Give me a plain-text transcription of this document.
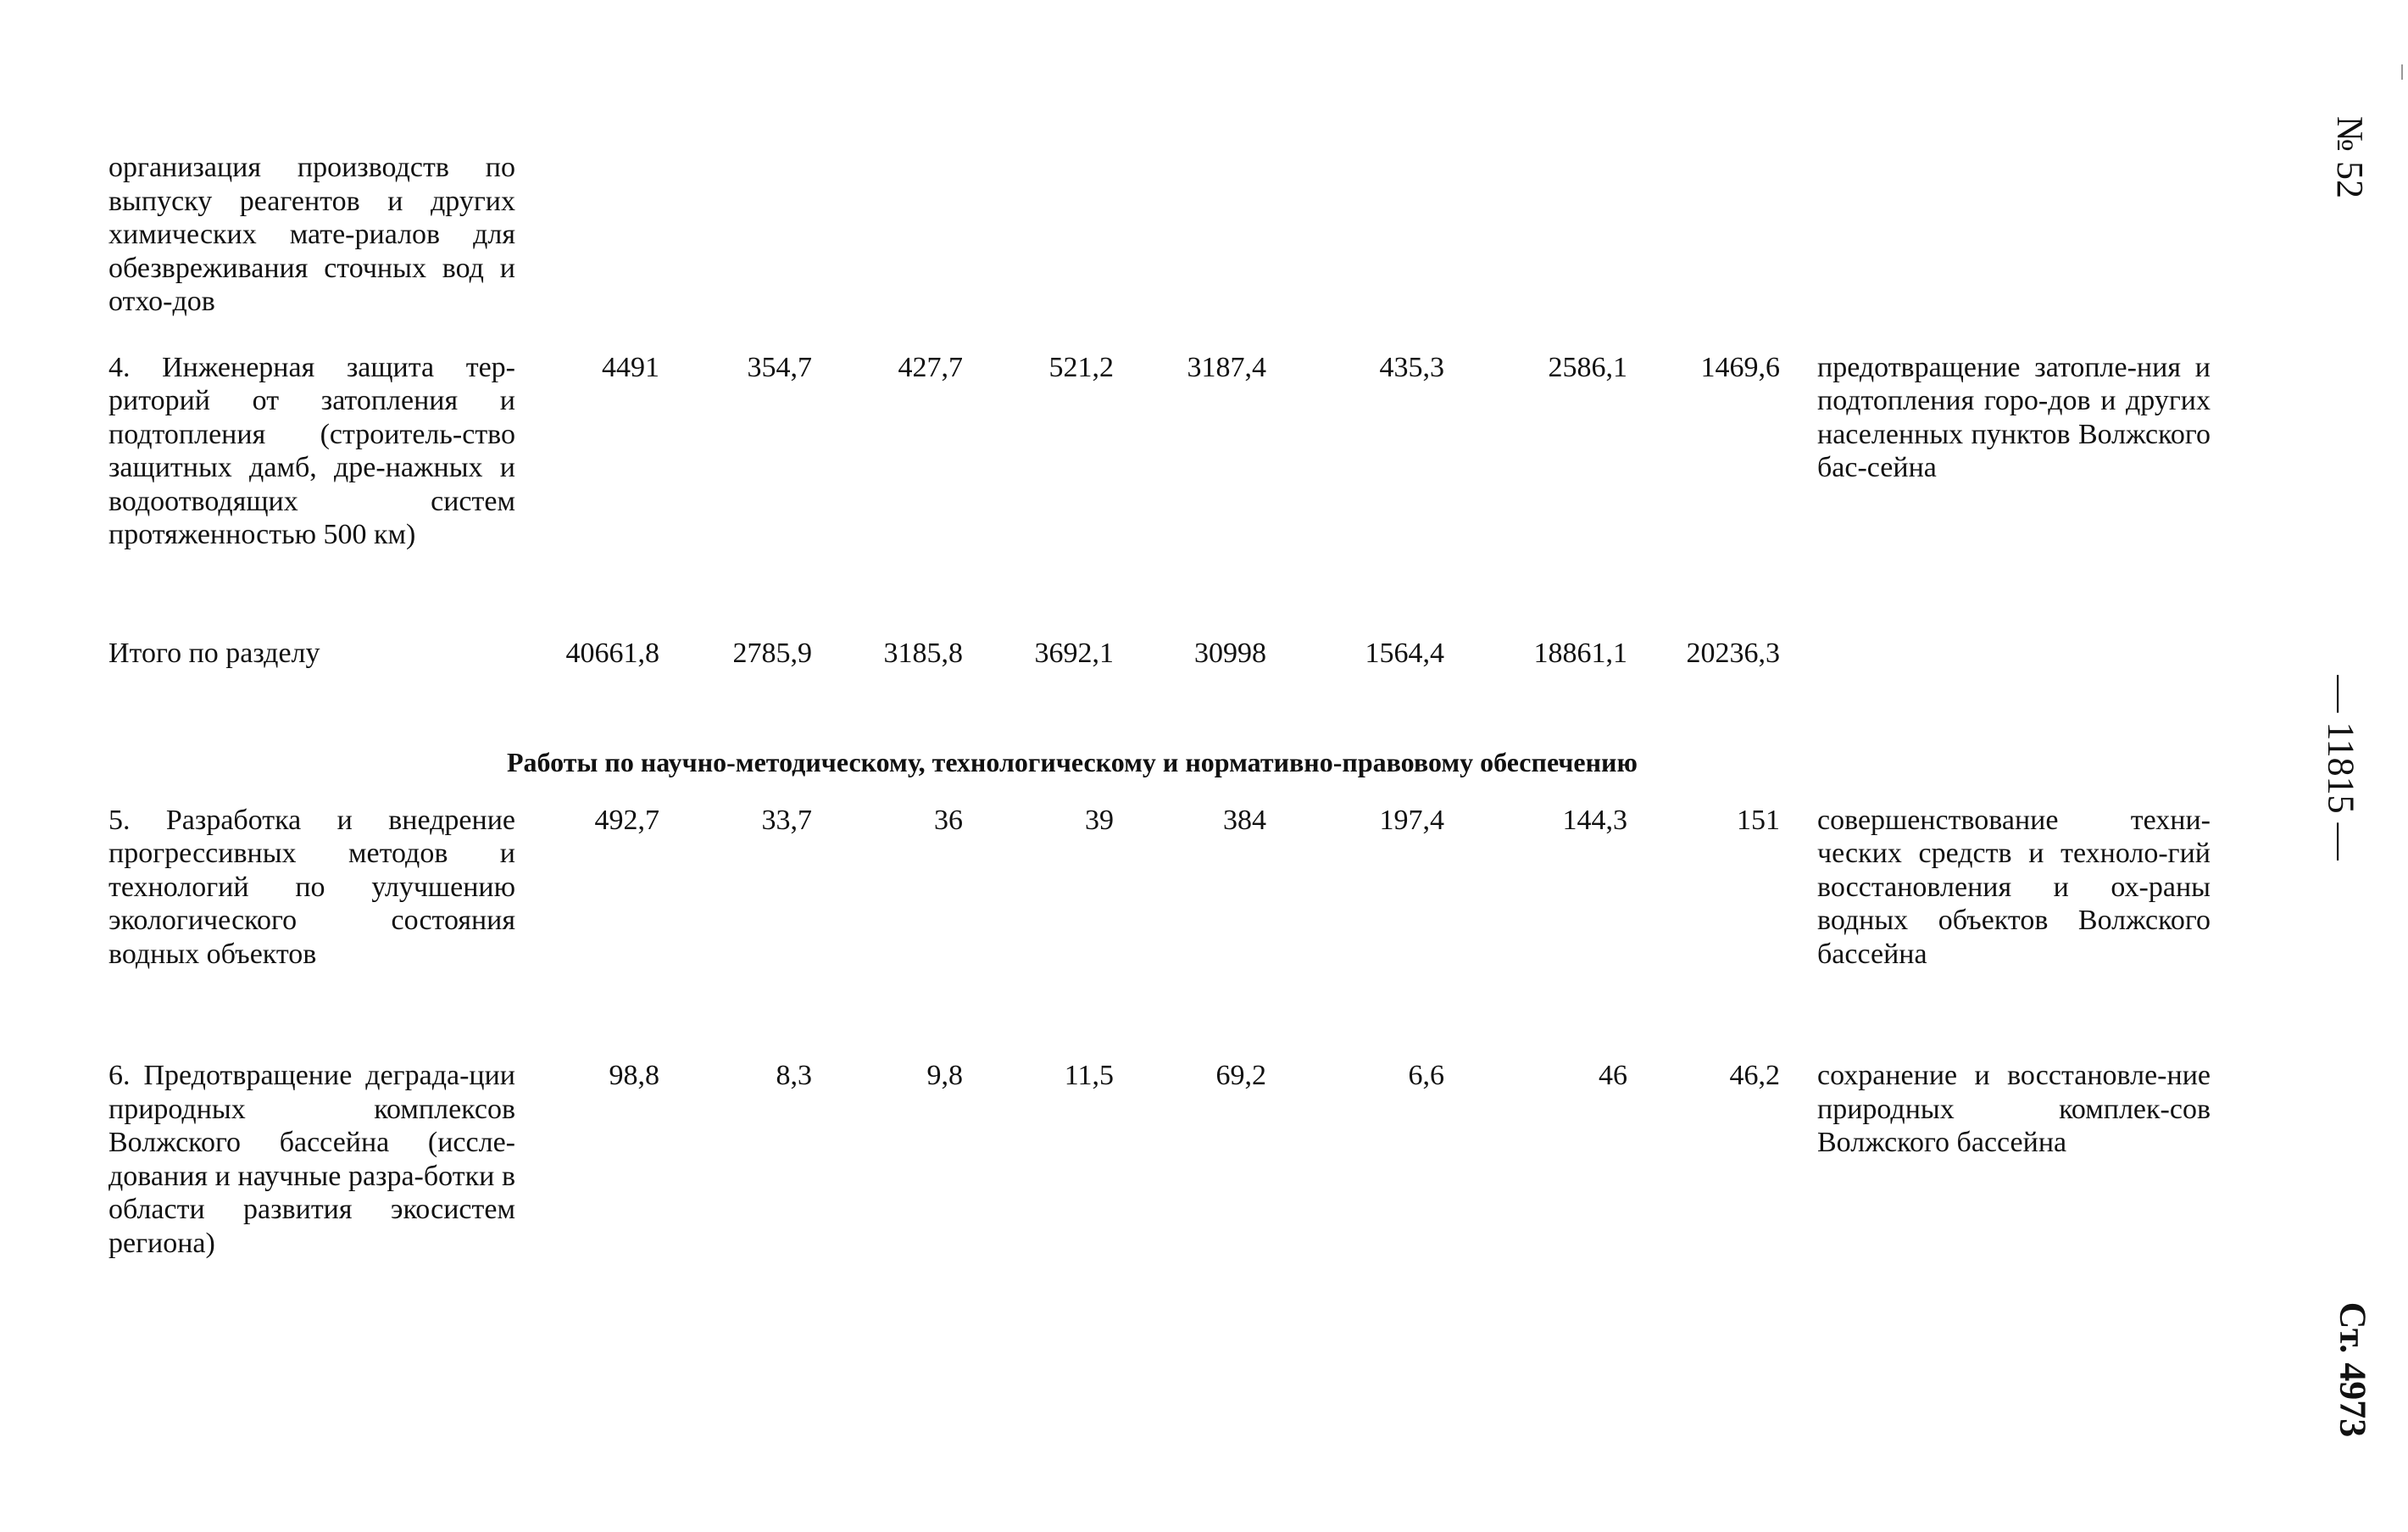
организация производств по выпуску реагентов и других химических мате-риалов для обезвреживания сточных вод и отхо-дов									

4. Инженерная защита тер-риторий от затопления и подтопления (строитель-ство защитных дамб, дре-нажных и водоотводящих систем протяженностью 500 км)	4491	354,7	427,7	521,2	3187,4	435,3	2586,1	1469,6	предотвращение затопле-ния и подтопления горо-дов и других населенных пунктов Волжского бас-сейна

Итого по разделу	40661,8	2785,9	3185,8	3692,1	30998	1564,4	18861,1	20236,3	

Работы по научно-методическому, технологическому и нормативно-правовому обеспечению									
5. Разработка и внедрение прогрессивных методов и технологий по улучшению экологического состояния водных объектов	492,7	33,7	36	39	384	197,4	144,3	151	совершенствование техни-ческих средств и техноло-гий восстановления и ох-раны водных объектов Волжского бассейна

6. Предотвращение деграда-ции природных комплексов Волжского бассейна (иссле-дования и научные разра-ботки в области развития экосистем региона)	98,8	8,3	9,8	11,5	69,2	6,6	46	46,2	сохранение и восстановле-ние природных комплек-сов Волжского бассейна
№ 52
— 11815 —
Ст. 4973
